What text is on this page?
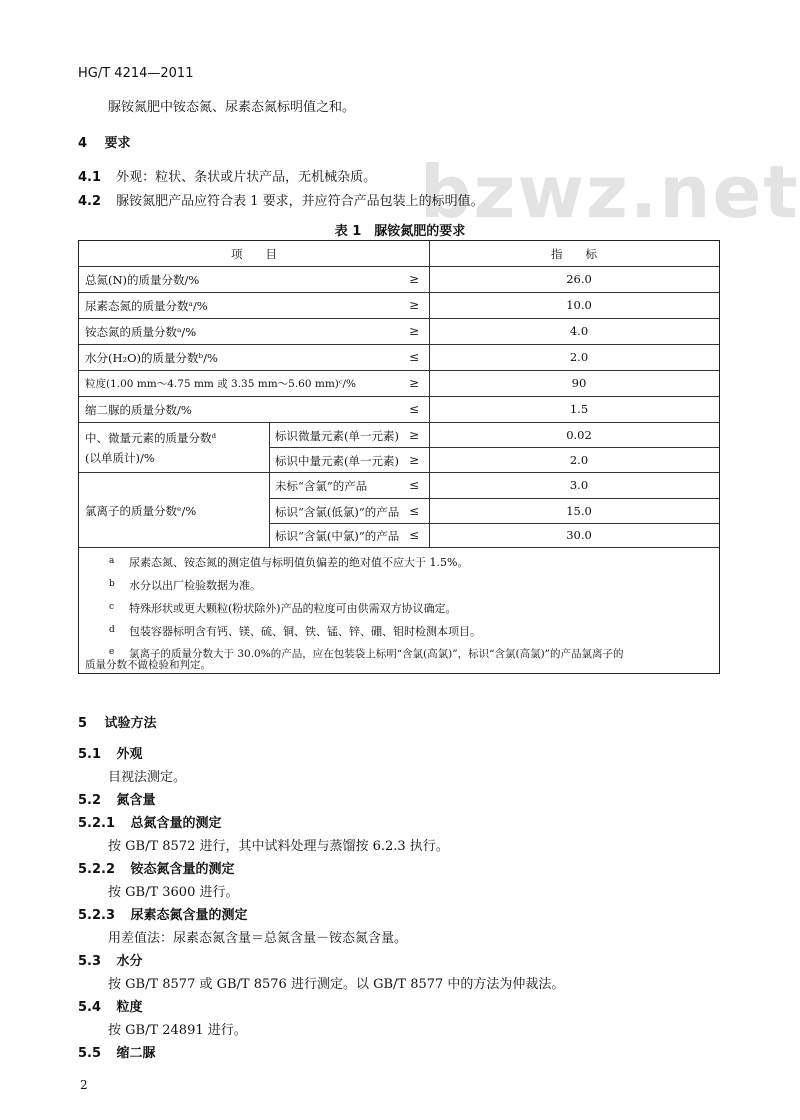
bzwz.net
HG/T 4214—2011
脲铵氮肥中铵态氮、尿素态氮标明值之和。
4 要求
4.1 外观：粒状、条状或片状产品，无机械杂质。
4.2 脲铵氮肥产品应符合表 1 要求，并应符合产品包装上的标明值。
表 1　脲铵氮肥的要求
项　　目	指　　标
总氮(N)的质量分数/%	≥	26.0
尿素态氮的质量分数ᵃ/%	≥	10.0
铵态氮的质量分数ᵃ/%	≥	4.0
水分(H₂O)的质量分数ᵇ/%	≤	2.0
粒度(1.00 mm～4.75 mm 或 3.35 mm～5.60 mm)ᶜ/%	≥	90
缩二脲的质量分数/%	≤	1.5
中、微量元素的质量分数ᵈ
(以单质计)/%
标识微量元素(单一元素) ≥	0.02
标识中量元素(单一元素) ≥	2.0
氯离子的质量分数ᵉ/%
未标“含氯”的产品	≤	3.0
标识“含氯(低氯)”的产品 ≤	15.0
标识“含氯(中氯)”的产品 ≤	30.0
a 尿素态氮、铵态氮的测定值与标明值负偏差的绝对值不应大于 1.5%。
b 水分以出厂检验数据为准。
c 特殊形状或更大颗粒(粉状除外)产品的粒度可由供需双方协议确定。
d 包装容器标明含有钙、镁、硫、铜、铁、锰、锌、硼、钼时检测本项目。
e 氯离子的质量分数大于 30.0%的产品，应在包装袋上标明“含氯(高氯)”，标识“含氯(高氯)”的产品氯离子的
质量分数不做检验和判定。
5 试验方法
5.1 外观
目视法测定。
5.2 氮含量
5.2.1 总氮含量的测定
按 GB/T 8572 进行，其中试料处理与蒸馏按 6.2.3 执行。
5.2.2 铵态氮含量的测定
按 GB/T 3600 进行。
5.2.3 尿素态氮含量的测定
用差值法：尿素态氮含量＝总氮含量－铵态氮含量。
5.3 水分
按 GB/T 8577 或 GB/T 8576 进行测定。以 GB/T 8577 中的方法为仲裁法。
5.4 粒度
按 GB/T 24891 进行。
5.5 缩二脲
2
